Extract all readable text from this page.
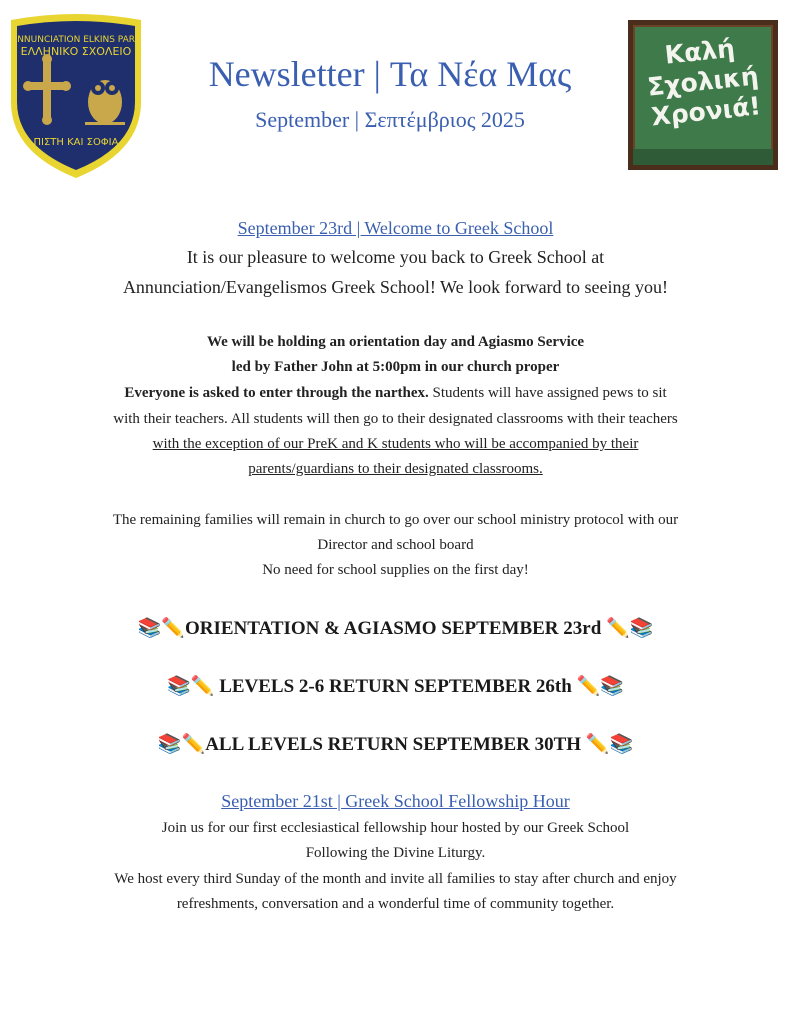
ANNUNCIATION ELKINS PARK
ΕΛΛΗΝΙΚΟ ΣΧΟΛΕΙΟ
ΠΙΣΤΗ ΚΑΙ ΣΟΦΙΑ
Newsletter | Τα Νέα Μας
September | Σεπτέμβριος 2025
Καλή
Σχολική
Χρονιά!
September 23rd | Welcome to Greek School
It is our pleasure to welcome you back to Greek School at
Annunciation/Evangelismos Greek School! We look forward to seeing you!
We will be holding an orientation day and Agiasmo Service
led by Father John at 5:00pm in our church proper
Everyone is asked to enter through the narthex. Students will have assigned pews to sit
with their teachers. All students will then go to their designated classrooms with their teachers
with the exception of our PreK and K students who will be accompanied by their
parents/guardians to their designated classrooms.
The remaining families will remain in church to go over our school ministry protocol with our
Director and school board
No need for school supplies on the first day!
📚✏️ORIENTATION & AGIASMO SEPTEMBER 23rd ✏️📚
📚✏️ LEVELS 2-6 RETURN SEPTEMBER 26th ✏️📚
📚✏️ALL LEVELS RETURN SEPTEMBER 30TH ✏️📚
September 21st | Greek School Fellowship Hour
Join us for our first ecclesiastical fellowship hour hosted by our Greek School
Following the Divine Liturgy.
We host every third Sunday of the month and invite all families to stay after church and enjoy
refreshments, conversation and a wonderful time of community together.
